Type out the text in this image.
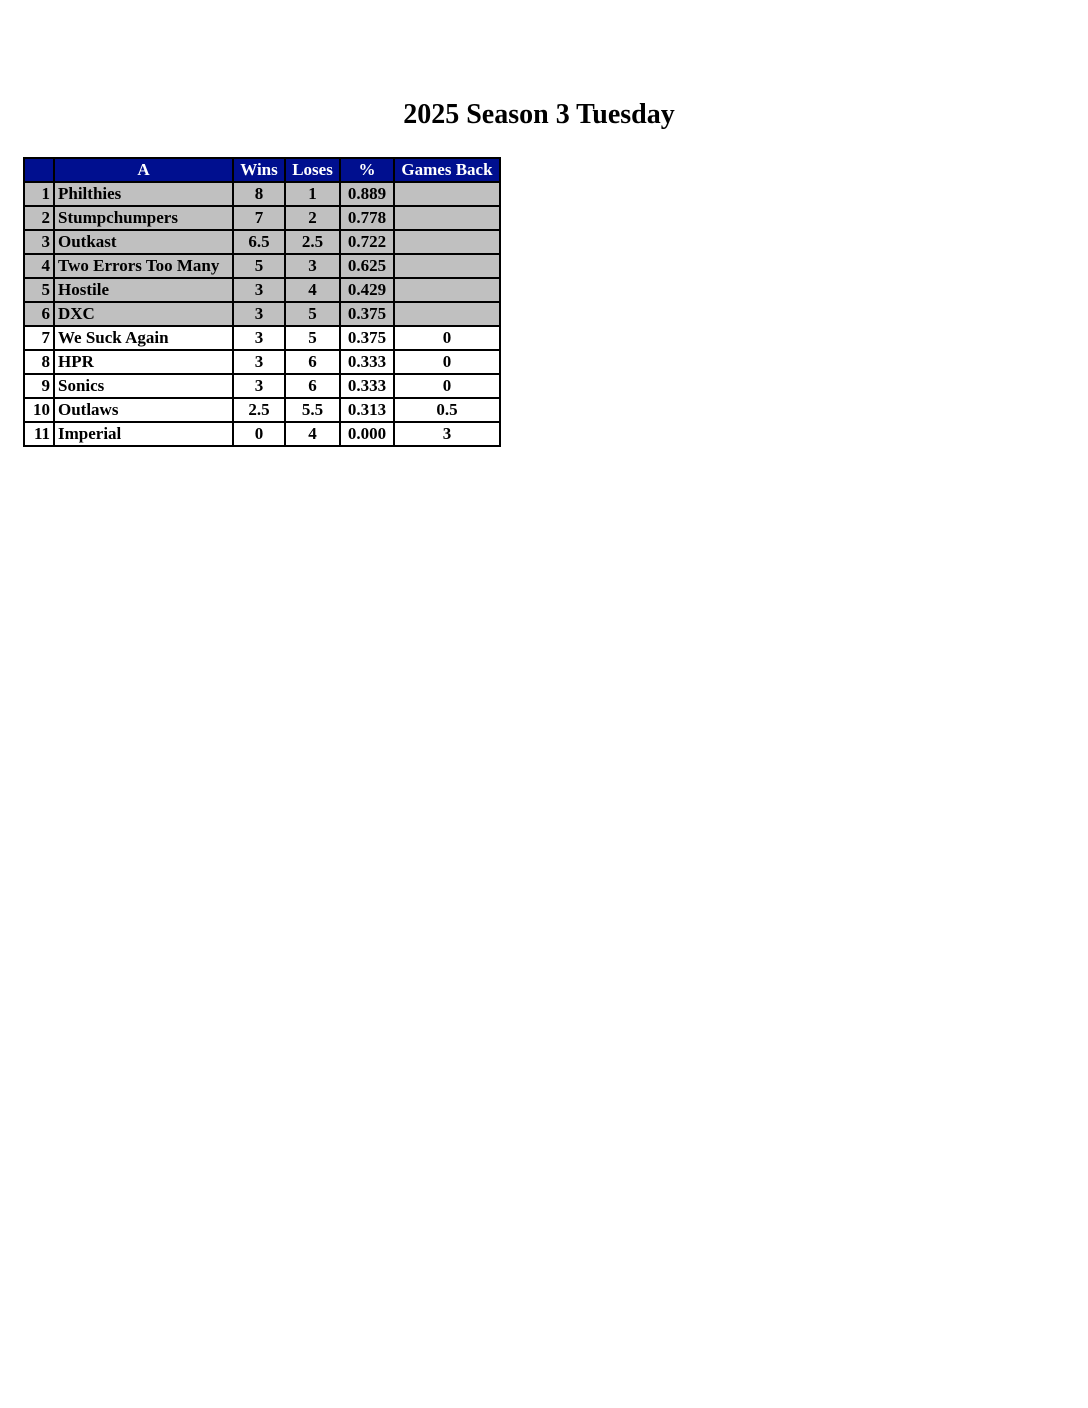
2025 Season 3 Tuesday
	A	Wins	Loses	%	Games Back
1	Philthies	8	1	0.889	
2	Stumpchumpers	7	2	0.778	
3	Outkast	6.5	2.5	0.722	
4	Two Errors Too Many	5	3	0.625	
5	Hostile	3	4	0.429	
6	DXC	3	5	0.375	
7	We Suck Again	3	5	0.375	0
8	HPR	3	6	0.333	0
9	Sonics	3	6	0.333	0
10	Outlaws	2.5	5.5	0.313	0.5
11	Imperial	0	4	0.000	3
